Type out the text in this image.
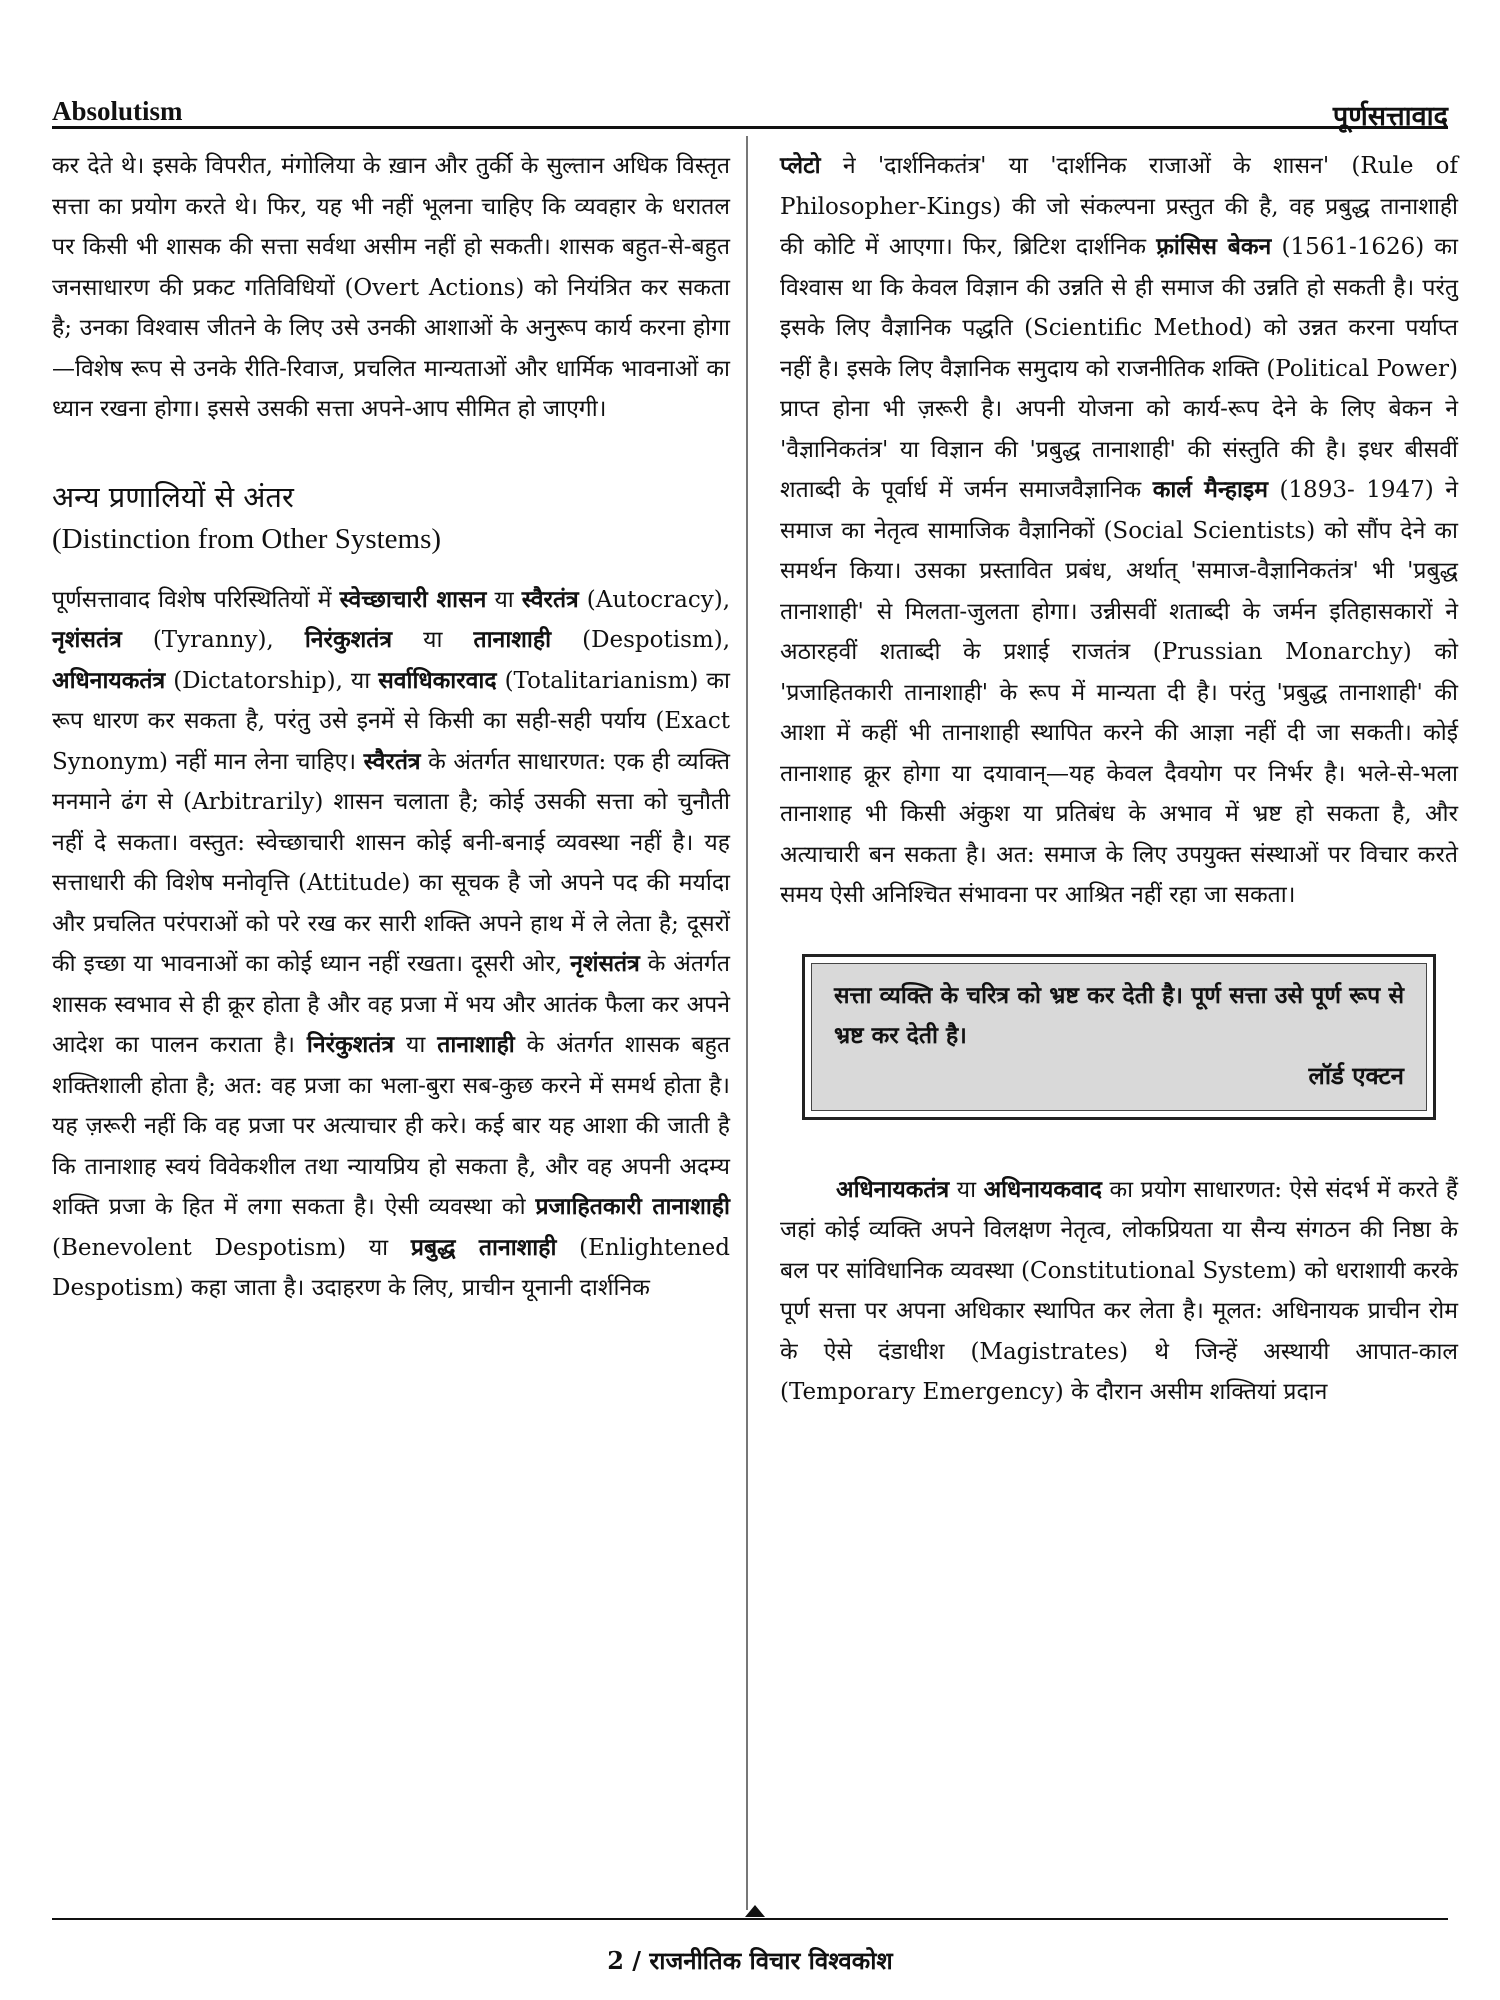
Absolutism	पूर्णसत्तावाद

कर देते थे। इसके विपरीत, मंगोलिया के ख़ान और तुर्की के सुल्तान अधिक विस्तृत सत्ता का प्रयोग करते थे। फिर, यह भी नहीं भूलना चाहिए कि व्यवहार के धरातल पर किसी भी शासक की सत्ता सर्वथा असीम नहीं हो सकती। शासक बहुत-से-बहुत जनसाधारण की प्रकट गतिविधियों (Overt Actions) को नियंत्रित कर सकता है; उनका विश्वास जीतने के लिए उसे उनकी आशाओं के अनुरूप कार्य करना होगा—विशेष रूप से उनके रीति-रिवाज, प्रचलित मान्यताओं और धार्मिक भावनाओं का ध्यान रखना होगा। इससे उसकी सत्ता अपने-आप सीमित हो जाएगी।

अन्य प्रणालियों से अंतर
(Distinction from Other Systems)

पूर्णसत्तावाद विशेष परिस्थितियों में स्वेच्छाचारी शासन या स्वैरतंत्र (Autocracy), नृशंसतंत्र (Tyranny), निरंकुशतंत्र या तानाशाही (Despotism), अधिनायकतंत्र (Dictatorship), या सर्वाधिकारवाद (Totalitarianism) का रूप धारण कर सकता है, परंतु उसे इनमें से किसी का सही-सही पर्याय (Exact Synonym) नहीं मान लेना चाहिए। स्वैरतंत्र के अंतर्गत साधारणत: एक ही व्यक्ति मनमाने ढंग से (Arbitrarily) शासन चलाता है; कोई उसकी सत्ता को चुनौती नहीं दे सकता। वस्तुत: स्वेच्छाचारी शासन कोई बनी-बनाई व्यवस्था नहीं है। यह सत्ताधारी की विशेष मनोवृत्ति (Attitude) का सूचक है जो अपने पद की मर्यादा और प्रचलित परंपराओं को परे रख कर सारी शक्ति अपने हाथ में ले लेता है; दूसरों की इच्छा या भावनाओं का कोई ध्यान नहीं रखता। दूसरी ओर, नृशंसतंत्र के अंतर्गत शासक स्वभाव से ही क्रूर होता है और वह प्रजा में भय और आतंक फैला कर अपने आदेश का पालन कराता है। निरंकुशतंत्र या तानाशाही के अंतर्गत शासक बहुत शक्तिशाली होता है; अत: वह प्रजा का भला-बुरा सब-कुछ करने में समर्थ होता है। यह ज़रूरी नहीं कि वह प्रजा पर अत्याचार ही करे। कई बार यह आशा की जाती है कि तानाशाह स्वयं विवेकशील तथा न्यायप्रिय हो सकता है, और वह अपनी अदम्य शक्ति प्रजा के हित में लगा सकता है। ऐसी व्यवस्था को प्रजाहितकारी तानाशाही (Benevolent Despotism) या प्रबुद्ध तानाशाही (Enlightened Despotism) कहा जाता है। उदाहरण के लिए, प्राचीन यूनानी दार्शनिक

प्लेटो ने 'दार्शनिकतंत्र' या 'दार्शनिक राजाओं के शासन' (Rule of Philosopher-Kings) की जो संकल्पना प्रस्तुत की है, वह प्रबुद्ध तानाशाही की कोटि में आएगा। फिर, ब्रिटिश दार्शनिक फ़्रांसिस बेकन (1561-1626) का विश्वास था कि केवल विज्ञान की उन्नति से ही समाज की उन्नति हो सकती है। परंतु इसके लिए वैज्ञानिक पद्धति (Scientific Method) को उन्नत करना पर्याप्त नहीं है। इसके लिए वैज्ञानिक समुदाय को राजनीतिक शक्ति (Political Power) प्राप्त होना भी ज़रूरी है। अपनी योजना को कार्य-रूप देने के लिए बेकन ने 'वैज्ञानिकतंत्र' या विज्ञान की 'प्रबुद्ध तानाशाही' की संस्तुति की है। इधर बीसवीं शताब्दी के पूर्वार्ध में जर्मन समाजवैज्ञानिक कार्ल मैन्हाइम (1893- 1947) ने समाज का नेतृत्व सामाजिक वैज्ञानिकों (Social Scientists) को सौंप देने का समर्थन किया। उसका प्रस्तावित प्रबंध, अर्थात् 'समाज-वैज्ञानिकतंत्र' भी 'प्रबुद्ध तानाशाही' से मिलता-जुलता होगा। उन्नीसवीं शताब्दी के जर्मन इतिहासकारों ने अठारहवीं शताब्दी के प्रशाई राजतंत्र (Prussian Monarchy) को 'प्रजाहितकारी तानाशाही' के रूप में मान्यता दी है। परंतु 'प्रबुद्ध तानाशाही' की आशा में कहीं भी तानाशाही स्थापित करने की आज्ञा नहीं दी जा सकती। कोई तानाशाह क्रूर होगा या दयावान्—यह केवल दैवयोग पर निर्भर है। भले-से-भला तानाशाह भी किसी अंकुश या प्रतिबंध के अभाव में भ्रष्ट हो सकता है, और अत्याचारी बन सकता है। अत: समाज के लिए उपयुक्त संस्थाओं पर विचार करते समय ऐसी अनिश्चित संभावना पर आश्रित नहीं रहा जा सकता।

सत्ता व्यक्ति के चरित्र को भ्रष्ट कर देती है। पूर्ण सत्ता उसे पूर्ण रूप से भ्रष्ट कर देती है।

लॉर्ड एक्टन

अधिनायकतंत्र या अधिनायकवाद का प्रयोग साधारणत: ऐसे संदर्भ में करते हैं जहां कोई व्यक्ति अपने विलक्षण नेतृत्व, लोकप्रियता या सैन्य संगठन की निष्ठा के बल पर सांविधानिक व्यवस्था (Constitutional System) को धराशायी करके पूर्ण सत्ता पर अपना अधिकार स्थापित कर लेता है। मूलत: अधिनायक प्राचीन रोम के ऐसे दंडाधीश (Magistrates) थे जिन्हें अस्थायी आपात-काल (Temporary Emergency) के दौरान असीम शक्तियां प्रदान

2 / राजनीतिक विचार विश्वकोश
